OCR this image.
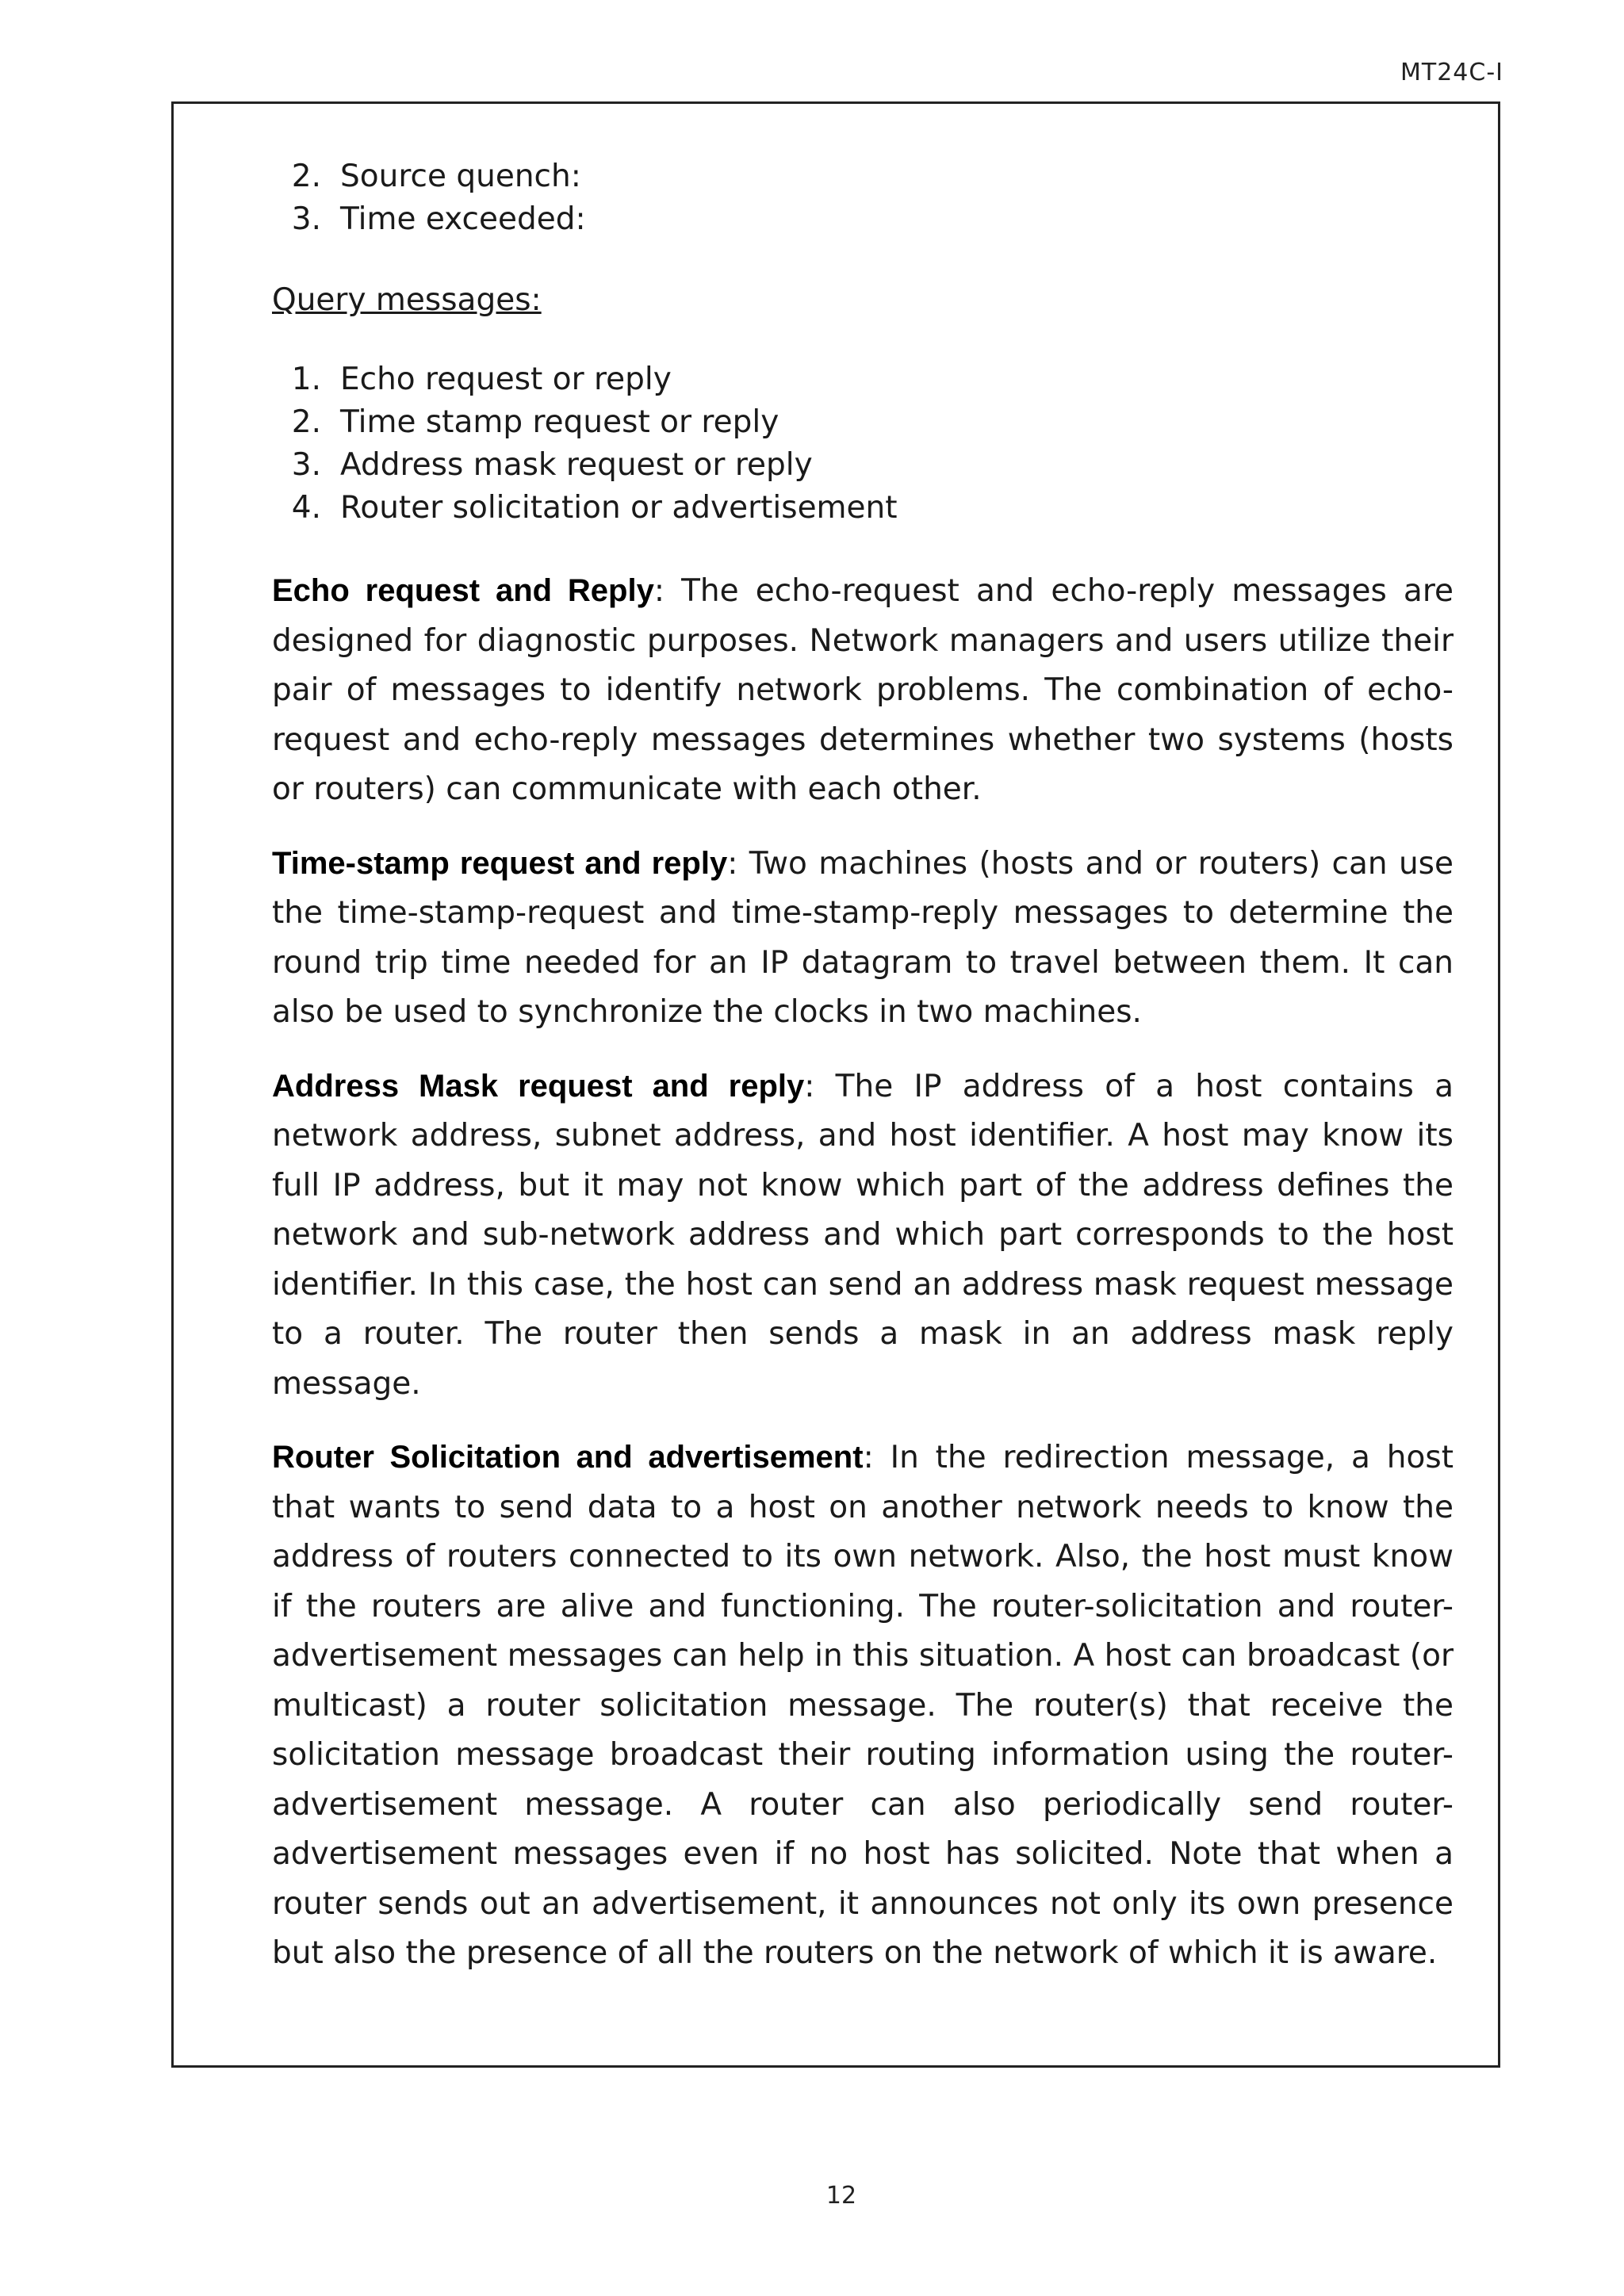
MT24C-I
2. Source quench:
3. Time exceeded:
Query messages:
1. Echo request or reply
2. Time stamp request or reply
3. Address mask request or reply
4. Router solicitation or advertisement

Echo request and Reply: The echo-request and echo-reply messages are designed for diagnostic purposes. Network managers and users utilize their pair of messages to identify network problems. The combination of echo-request and echo-reply messages determines whether two systems (hosts or routers) can communicate with each other.

Time-stamp request and reply: Two machines (hosts and or routers) can use the time-stamp-request and time-stamp-reply messages to determine the round trip time needed for an IP datagram to travel between them. It can also be used to synchronize the clocks in two machines.

Address Mask request and reply: The IP address of a host contains a network address, subnet address, and host identifier. A host may know its full IP address, but it may not know which part of the address defines the network and sub-network address and which part corresponds to the host identifier. In this case, the host can send an address mask request message to a router. The router then sends a mask in an address mask reply message.

Router Solicitation and advertisement: In the redirection message, a host that wants to send data to a host on another network needs to know the address of routers connected to its own network. Also, the host must know if the routers are alive and functioning. The router-solicitation and router-advertisement messages can help in this situation. A host can broadcast (or multicast) a router solicitation message. The router(s) that receive the solicitation message broadcast their routing information using the router-advertisement message. A router can also periodically send router-advertisement messages even if no host has solicited. Note that when a router sends out an advertisement, it announces not only its own presence but also the presence of all the routers on the network of which it is aware.

12
